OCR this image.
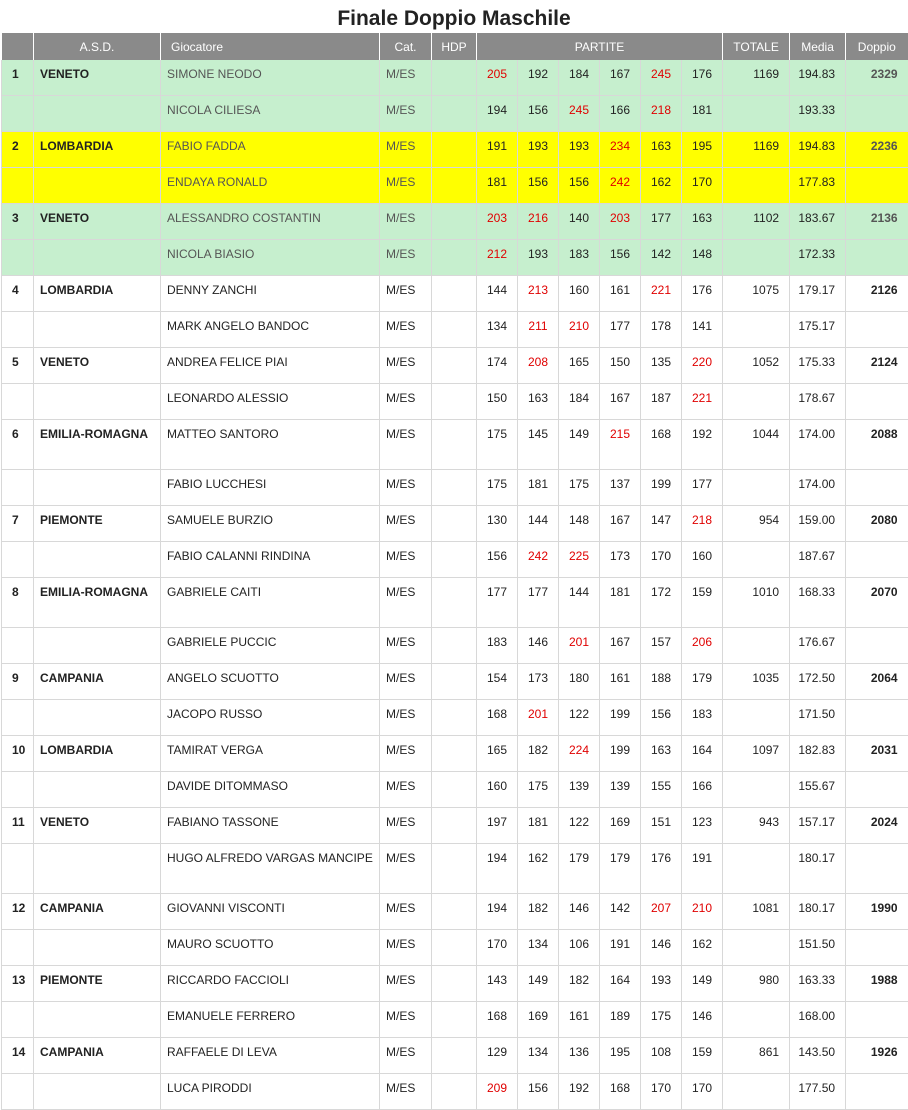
Finale Doppio Maschile
	A.S.D.	Giocatore	Cat.	HDP	PARTITE						TOTALE	Media	Doppio
1	VENETO	SIMONE NEODO	M/ES		205	192	184	167	245	176	1169	194.83	2329
		NICOLA CILIESA	M/ES		194	156	245	166	218	181		193.33	
2	LOMBARDIA	FABIO FADDA	M/ES		191	193	193	234	163	195	1169	194.83	2236
		ENDAYA RONALD	M/ES		181	156	156	242	162	170		177.83	
3	VENETO	ALESSANDRO COSTANTIN	M/ES		203	216	140	203	177	163	1102	183.67	2136
		NICOLA BIASIO	M/ES		212	193	183	156	142	148		172.33	
4	LOMBARDIA	DENNY ZANCHI	M/ES		144	213	160	161	221	176	1075	179.17	2126
		MARK ANGELO BANDOC	M/ES		134	211	210	177	178	141		175.17	
5	VENETO	ANDREA FELICE PIAI	M/ES		174	208	165	150	135	220	1052	175.33	2124
		LEONARDO ALESSIO	M/ES		150	163	184	167	187	221		178.67	
6	EMILIA-ROMAGNA	MATTEO SANTORO	M/ES		175	145	149	215	168	192	1044	174.00	2088
		FABIO LUCCHESI	M/ES		175	181	175	137	199	177		174.00	
7	PIEMONTE	SAMUELE BURZIO	M/ES		130	144	148	167	147	218	954	159.00	2080
		FABIO CALANNI RINDINA	M/ES		156	242	225	173	170	160		187.67	
8	EMILIA-ROMAGNA	GABRIELE CAITI	M/ES		177	177	144	181	172	159	1010	168.33	2070
		GABRIELE PUCCIC	M/ES		183	146	201	167	157	206		176.67	
9	CAMPANIA	ANGELO SCUOTTO	M/ES		154	173	180	161	188	179	1035	172.50	2064
		JACOPO RUSSO	M/ES		168	201	122	199	156	183		171.50	
10	LOMBARDIA	TAMIRAT VERGA	M/ES		165	182	224	199	163	164	1097	182.83	2031
		DAVIDE DITOMMASO	M/ES		160	175	139	139	155	166		155.67	
11	VENETO	FABIANO TASSONE	M/ES		197	181	122	169	151	123	943	157.17	2024
		HUGO ALFREDO VARGAS MANCIPE	M/ES		194	162	179	179	176	191		180.17	
12	CAMPANIA	GIOVANNI VISCONTI	M/ES		194	182	146	142	207	210	1081	180.17	1990
		MAURO SCUOTTO	M/ES		170	134	106	191	146	162		151.50	
13	PIEMONTE	RICCARDO FACCIOLI	M/ES		143	149	182	164	193	149	980	163.33	1988
		EMANUELE FERRERO	M/ES		168	169	161	189	175	146		168.00	
14	CAMPANIA	RAFFAELE DI LEVA	M/ES		129	134	136	195	108	159	861	143.50	1926
		LUCA PIRODDI	M/ES		209	156	192	168	170	170		177.50	
